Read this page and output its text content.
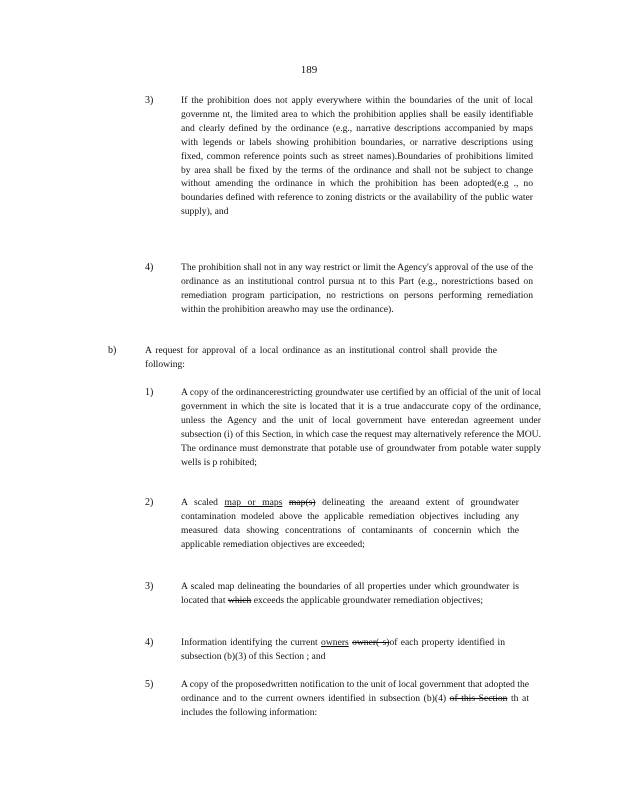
189
3)	If the prohibition does not apply everywhere within the boundaries of the unit of local governme nt, the limited area to which the prohibition applies shall be easily identifiable and clearly defined by the ordinance (e.g., narrative descriptions accompanied by maps with legends or labels showing prohibition boundaries, or narrative descriptions using fixed, common reference points such as street names).Boundaries of prohibitions limited by area shall be fixed by the terms of the ordinance and shall not be subject to change without amending the ordinance in which the prohibition has been adopted(e.g ., no boundaries defined with reference to zoning districts or the availability of the public water supply), and

4)	The prohibition shall not in any way restrict or limit the Agency's approval of the use of the ordinance as an institutional control pursua nt to this Part (e.g., norestrictions based on remediation program participation, no restrictions on persons performing remediation within the prohibition areawho may use the ordinance).

b)	A request for approval of a local ordinance as an institutional control shall provide the following:

1)	A copy of the ordinancerestricting groundwater use certified by an official of the unit of local government in which the site is located that it is a true andaccurate copy of the ordinance, unless the Agency and the unit of local government have enteredan agreement under subsection (i) of this Section, in which case the request may alternatively reference the MOU. The ordinance must demonstrate that potable use of groundwater from potable water supply wells is p rohibited;

2)	A scaled map or maps map(s) delineating the areaand extent of groundwater contamination modeled above the applicable remediation objectives including any measured data showing concentrations of contaminants of concernin which the applicable remediation objectives are exceeded;

3)	A scaled map delineating the boundaries of all properties under which groundwater is located that which exceeds the applicable groundwater remediation objectives;

4)	Information identifying the current owners owner( s)of each property identified in subsection (b)(3) of this Section ; and

5)	A copy of the proposedwritten notification to the unit of local government that adopted the ordinance and to the current owners identified in subsection (b)(4) of this Section th at includes the following information:
